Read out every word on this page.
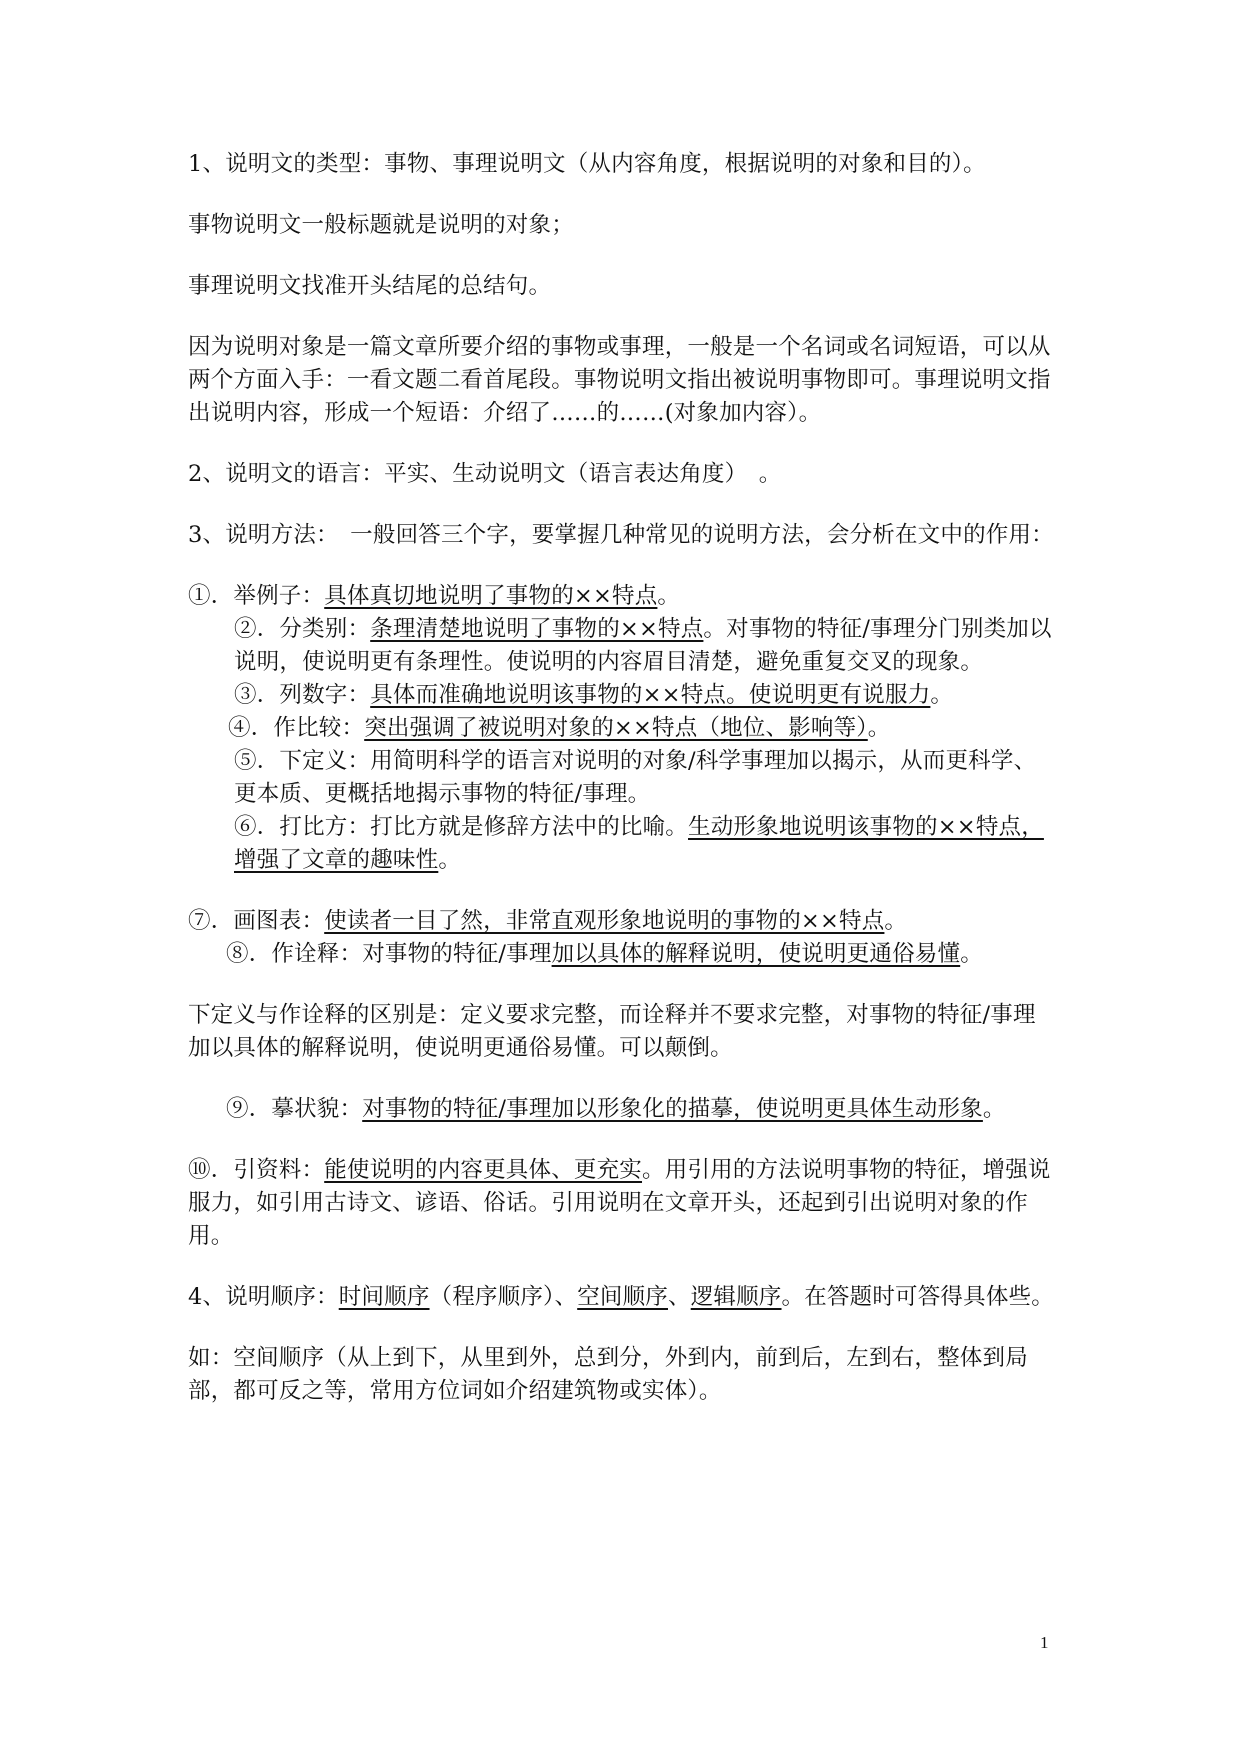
1、说明文的类型：事物、事理说明文（从内容角度，根据说明的对象和目的）。

事物说明文一般标题就是说明的对象；

事理说明文找准开头结尾的总结句。

因为说明对象是一篇文章所要介绍的事物或事理，一般是一个名词或名词短语，可以从两个方面入手：一看文题二看首尾段。事物说明文指出被说明事物即可。事理说明文指出说明内容，形成一个短语：介绍了……的……(对象加内容）。

2、说明文的语言：平实、生动说明文（语言表达角度）　。

3、说明方法：　一般回答三个字，要掌握几种常见的说明方法，会分析在文中的作用：

①．举例子：具体真切地说明了事物的××特点。

②．分类别：条理清楚地说明了事物的××特点。对事物的特征/事理分门别类加以说明，使说明更有条理性。使说明的内容眉目清楚，避免重复交叉的现象。

③．列数字：具体而准确地说明该事物的××特点。使说明更有说服力。

④．作比较：突出强调了被说明对象的××特点（地位、影响等）。

⑤．下定义：用简明科学的语言对说明的对象/科学事理加以揭示，从而更科学、更本质、更概括地揭示事物的特征/事理。

⑥．打比方：打比方就是修辞方法中的比喻。生动形象地说明该事物的××特点，增强了文章的趣味性。

⑦．画图表：使读者一目了然，非常直观形象地说明的事物的××特点。

⑧．作诠释：对事物的特征/事理加以具体的解释说明，使说明更通俗易懂。

下定义与作诠释的区别是：定义要求完整，而诠释并不要求完整，对事物的特征/事理加以具体的解释说明，使说明更通俗易懂。可以颠倒。

⑨．摹状貌：对事物的特征/事理加以形象化的描摹，使说明更具体生动形象。

⑩．引资料：能使说明的内容更具体、更充实。用引用的方法说明事物的特征，增强说服力，如引用古诗文、谚语、俗话。引用说明在文章开头，还起到引出说明对象的作用。

4、说明顺序：时间顺序（程序顺序）、空间顺序、逻辑顺序。在答题时可答得具体些。

如：空间顺序（从上到下，从里到外，总到分，外到内，前到后，左到右，整体到局部，都可反之等，常用方位词如介绍建筑物或实体）。

1
